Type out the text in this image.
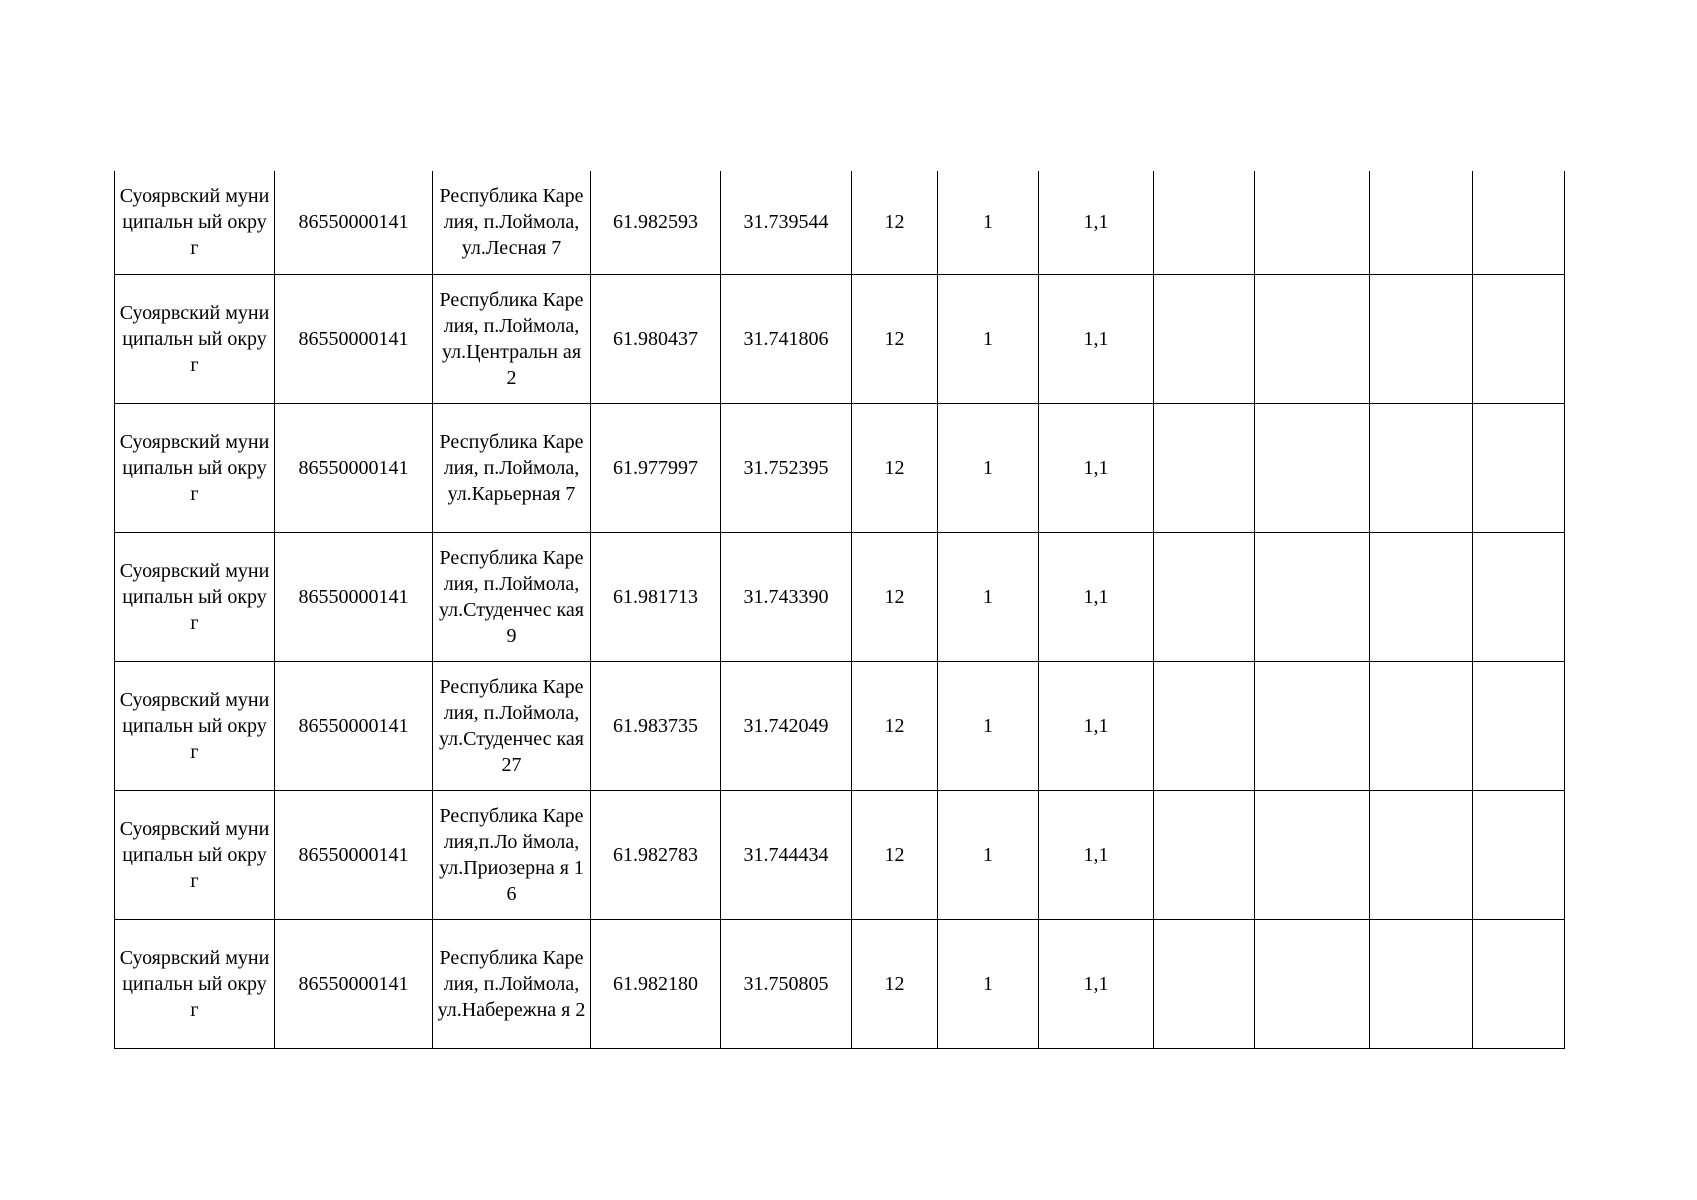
Суоярвский муниципальн ый округ	86550000141	Республика Карелия, п.Лоймола, ул.Лесная 7	61.982593	31.739544	12	1	1,1				
Суоярвский муниципальн ый округ	86550000141	Республика Карелия, п.Лоймола, ул.Центральн ая 2	61.980437	31.741806	12	1	1,1				
Суоярвский муниципальн ый округ	86550000141	Республика Карелия, п.Лоймола, ул.Карьерная 7	61.977997	31.752395	12	1	1,1				
Суоярвский муниципальн ый округ	86550000141	Республика Карелия, п.Лоймола, ул.Студенчес кая 9	61.981713	31.743390	12	1	1,1				
Суоярвский муниципальн ый округ	86550000141	Республика Карелия, п.Лоймола, ул.Студенчес кая 27	61.983735	31.742049	12	1	1,1				
Суоярвский муниципальн ый округ	86550000141	Республика Карелия,п.Ло ймола, ул.Приозерна я 16	61.982783	31.744434	12	1	1,1				
Суоярвский муниципальн ый округ	86550000141	Республика Карелия, п.Лоймола, ул.Набережна я 2	61.982180	31.750805	12	1	1,1				
